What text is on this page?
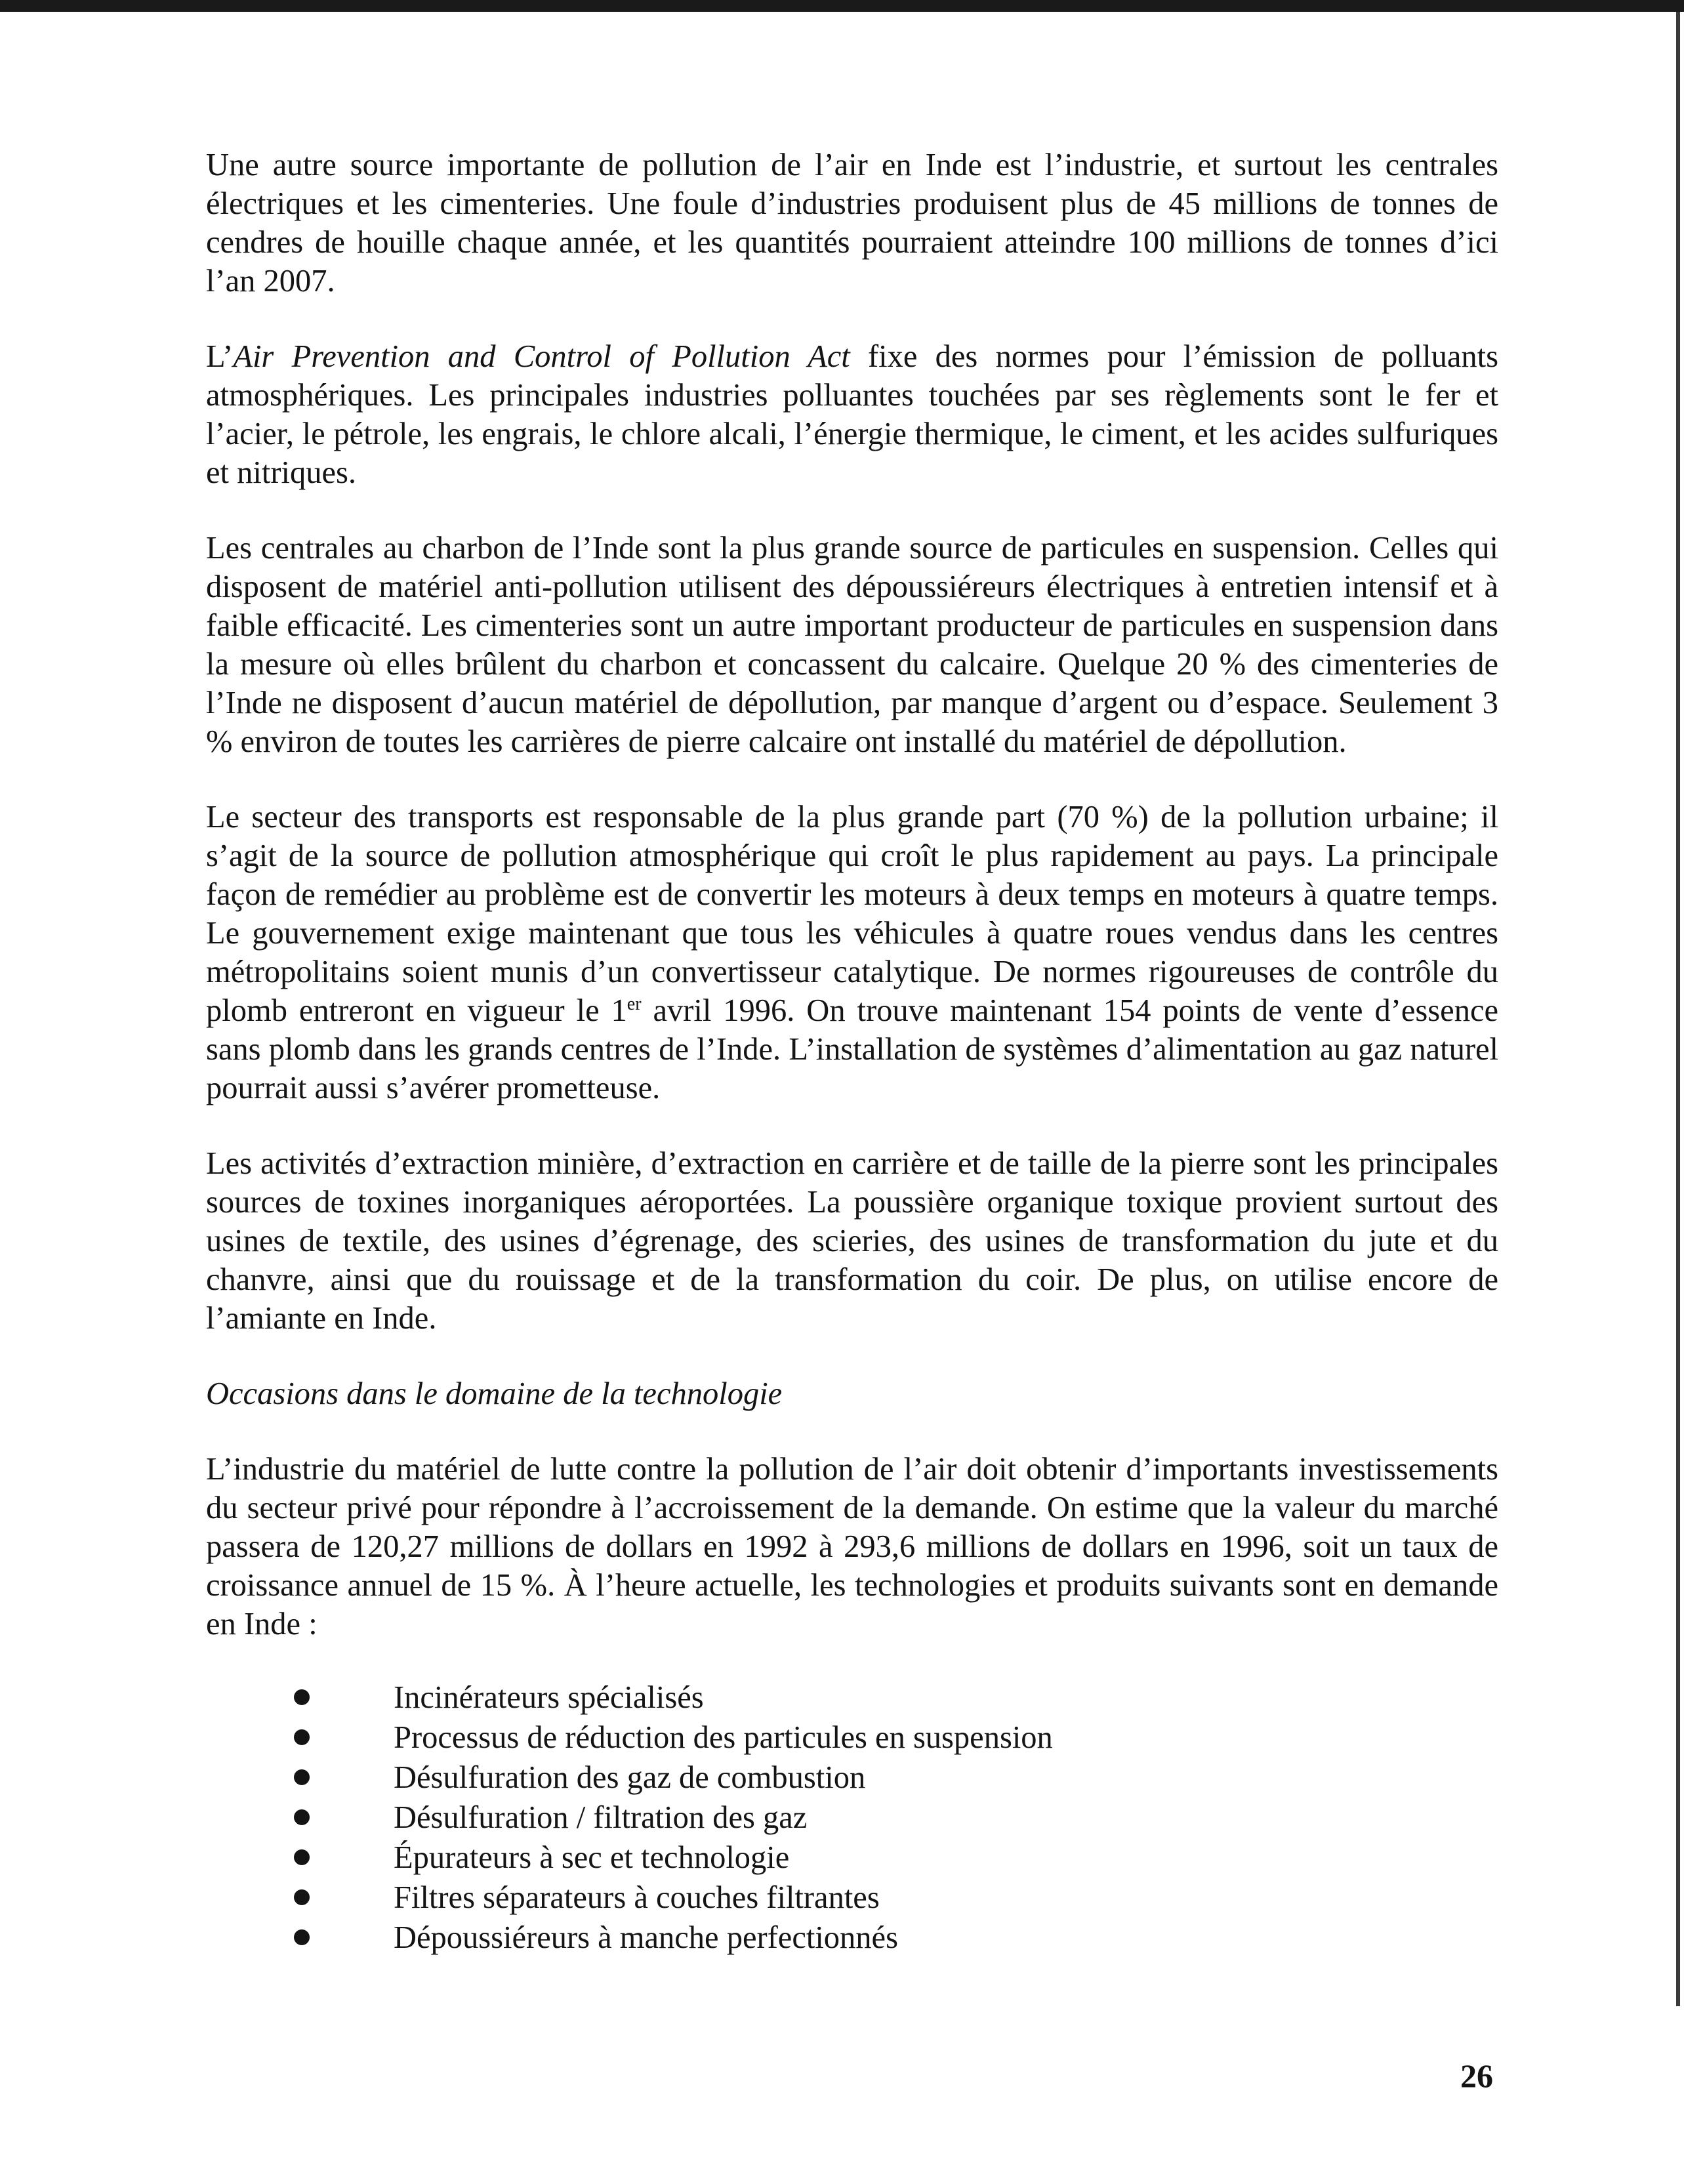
Une autre source importante de pollution de l’air en Inde est l’industrie, et surtout les centrales électriques et les cimenteries. Une foule d’industries produisent plus de 45 millions de tonnes de cendres de houille chaque année, et les quantités pourraient atteindre 100 millions de tonnes d’ici l’an 2007.

L’Air Prevention and Control of Pollution Act fixe des normes pour l’émission de polluants atmosphériques. Les principales industries polluantes touchées par ses règlements sont le fer et l’acier, le pétrole, les engrais, le chlore alcali, l’énergie thermique, le ciment, et les acides sulfuriques et nitriques.

Les centrales au charbon de l’Inde sont la plus grande source de particules en suspension. Celles qui disposent de matériel anti-pollution utilisent des dépoussiéreurs électriques à entretien intensif et à faible efficacité. Les cimenteries sont un autre important producteur de particules en suspension dans la mesure où elles brûlent du charbon et concassent du calcaire. Quelque 20 % des cimenteries de l’Inde ne disposent d’aucun matériel de dépollution, par manque d’argent ou d’espace. Seulement 3 % environ de toutes les carrières de pierre calcaire ont installé du matériel de dépollution.

Le secteur des transports est responsable de la plus grande part (70 %) de la pollution urbaine; il s’agit de la source de pollution atmosphérique qui croît le plus rapidement au pays. La principale façon de remédier au problème est de convertir les moteurs à deux temps en moteurs à quatre temps. Le gouvernement exige maintenant que tous les véhicules à quatre roues vendus dans les centres métropolitains soient munis d’un convertisseur catalytique. De normes rigoureuses de contrôle du plomb entreront en vigueur le 1er avril 1996. On trouve maintenant 154 points de vente d’essence sans plomb dans les grands centres de l’Inde. L’installation de systèmes d’alimentation au gaz naturel pourrait aussi s’avérer prometteuse.

Les activités d’extraction minière, d’extraction en carrière et de taille de la pierre sont les principales sources de toxines inorganiques aéroportées. La poussière organique toxique provient surtout des usines de textile, des usines d’égrenage, des scieries, des usines de transformation du jute et du chanvre, ainsi que du rouissage et de la transformation du coir. De plus, on utilise encore de l’amiante en Inde.

Occasions dans le domaine de la technologie

L’industrie du matériel de lutte contre la pollution de l’air doit obtenir d’importants investissements du secteur privé pour répondre à l’accroissement de la demande. On estime que la valeur du marché passera de 120,27 millions de dollars en 1992 à 293,6 millions de dollars en 1996, soit un taux de croissance annuel de 15 %. À l’heure actuelle, les technologies et produits suivants sont en demande en Inde :

Incinérateurs spécialisés
Processus de réduction des particules en suspension
Désulfuration des gaz de combustion
Désulfuration / filtration des gaz
Épurateurs à sec et technologie
Filtres séparateurs à couches filtrantes
Dépoussiéreurs à manche perfectionnés
26
